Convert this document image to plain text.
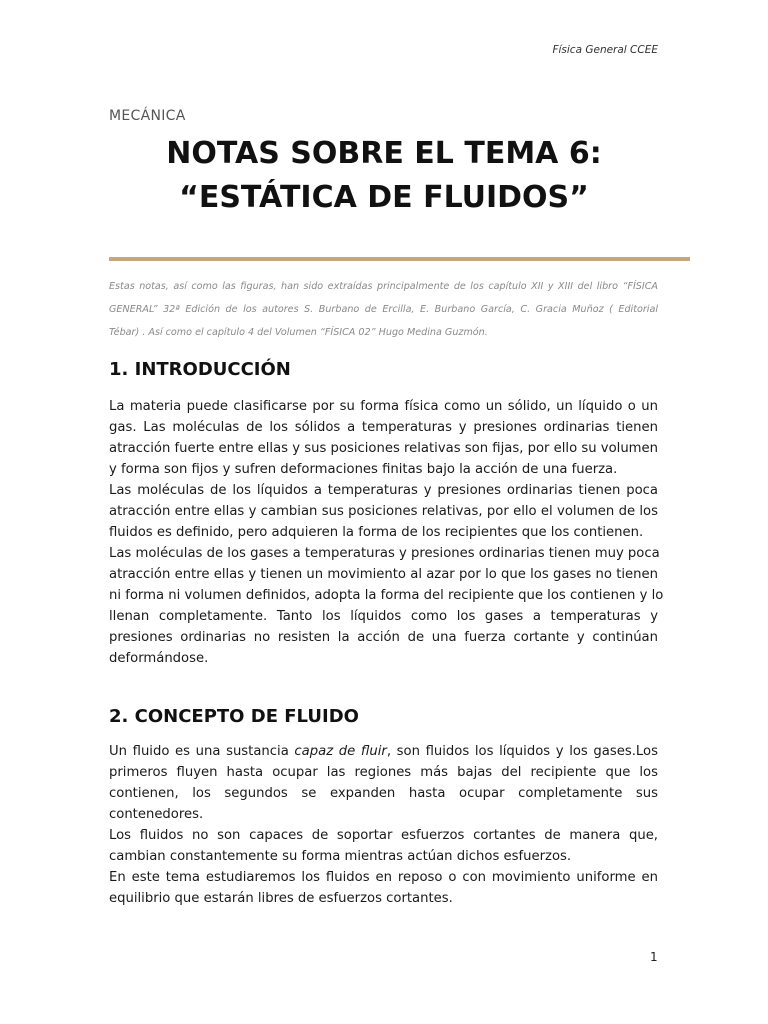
Física General CCEE
MECÁNICA
NOTAS SOBRE EL TEMA 6:
“ESTÁTICA DE FLUIDOS”
Estas notas, así como las figuras, han sido extraídas principalmente de los capítulo XII y XIII del libro “FÍSICA
GENERAL” 32ª Edición de los autores S. Burbano de Ercilla, E. Burbano García, C. Gracia Muñoz ( Editorial
Tébar) . Así como el capítulo 4 del Volumen “FÍSICA 02” Hugo Medina Guzmón.
1. INTRODUCCIÓN
La materia puede clasificarse por su forma física como un sólido, un líquido o un
gas. Las moléculas de los sólidos a temperaturas y presiones ordinarias tienen
atracción fuerte entre ellas y sus posiciones relativas son fijas, por ello su volumen
y forma son fijos y sufren deformaciones finitas bajo la acción de una fuerza.
Las moléculas de los líquidos a temperaturas y presiones ordinarias tienen poca
atracción entre ellas y cambian sus posiciones relativas, por ello el volumen de los
fluidos es definido, pero adquieren la forma de los recipientes que los contienen.
Las moléculas de los gases a temperaturas y presiones ordinarias tienen muy poca
atracción entre ellas y tienen un movimiento al azar por lo que los gases no tienen
ni forma ni volumen definidos, adopta la forma del recipiente que los contienen y lo
llenan completamente. Tanto los líquidos como los gases a temperaturas y
presiones ordinarias no resisten la acción de una fuerza cortante y continúan
deformándose.
2. CONCEPTO DE FLUIDO
Un fluido es una sustancia capaz de fluir, son fluidos los líquidos y los gases.Los
primeros fluyen hasta ocupar las regiones más bajas del recipiente que los
contienen, los segundos se expanden hasta ocupar completamente sus
contenedores.
Los fluidos no son capaces de soportar esfuerzos cortantes de manera que,
cambian constantemente su forma mientras actúan dichos esfuerzos.
En este tema estudiaremos los fluidos en reposo o con movimiento uniforme en
equilibrio que estarán libres de esfuerzos cortantes.
1
